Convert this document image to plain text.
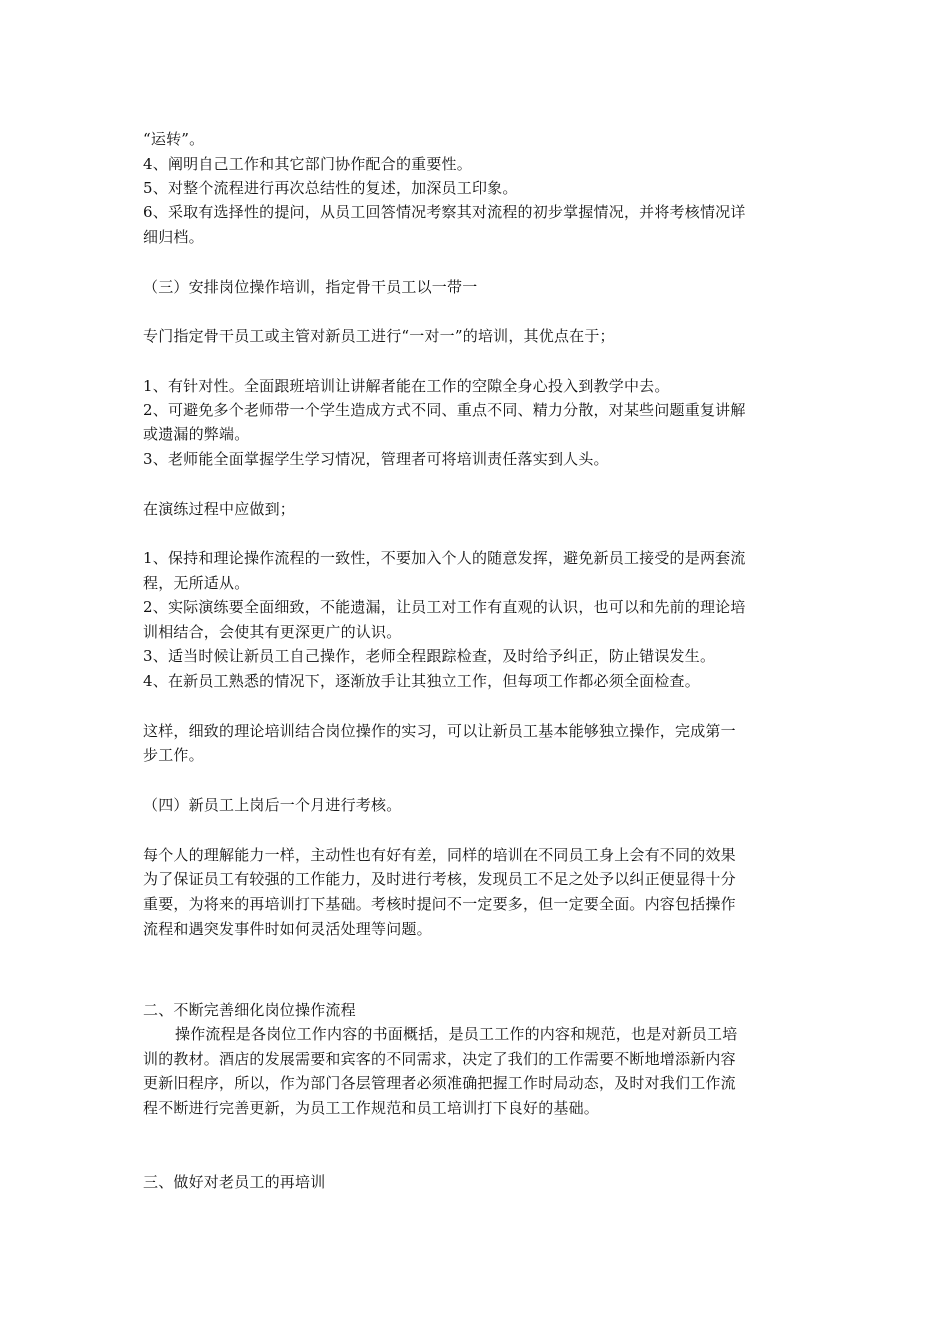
“运转”。
4、阐明自己工作和其它部门协作配合的重要性。
5、对整个流程进行再次总结性的复述，加深员工印象。
6、采取有选择性的提问，从员工回答情况考察其对流程的初步掌握情况，并将考核情况详
细归档。
（三）安排岗位操作培训，指定骨干员工以一带一
专门指定骨干员工或主管对新员工进行“一对一”的培训，其优点在于；
1、有针对性。全面跟班培训让讲解者能在工作的空隙全身心投入到教学中去。
2、可避免多个老师带一个学生造成方式不同、重点不同、精力分散，对某些问题重复讲解
或遗漏的弊端。
3、老师能全面掌握学生学习情况，管理者可将培训责任落实到人头。
在演练过程中应做到；
1、保持和理论操作流程的一致性，不要加入个人的随意发挥，避免新员工接受的是两套流
程，无所适从。
2、实际演练要全面细致，不能遗漏，让员工对工作有直观的认识，也可以和先前的理论培
训相结合，会使其有更深更广的认识。
3、适当时候让新员工自己操作，老师全程跟踪检查，及时给予纠正，防止错误发生。
4、在新员工熟悉的情况下，逐渐放手让其独立工作，但每项工作都必须全面检查。
这样，细致的理论培训结合岗位操作的实习，可以让新员工基本能够独立操作，完成第一
步工作。
（四）新员工上岗后一个月进行考核。
每个人的理解能力一样，主动性也有好有差，同样的培训在不同员工身上会有不同的效果
为了保证员工有较强的工作能力，及时进行考核，发现员工不足之处予以纠正便显得十分
重要，为将来的再培训打下基础。考核时提问不一定要多，但一定要全面。内容包括操作
流程和遇突发事件时如何灵活处理等问题。
二、不断完善细化岗位操作流程
操作流程是各岗位工作内容的书面概括，是员工工作的内容和规范，也是对新员工培
训的教材。酒店的发展需要和宾客的不同需求，决定了我们的工作需要不断地增添新内容
更新旧程序，所以，作为部门各层管理者必须准确把握工作时局动态，及时对我们工作流
程不断进行完善更新，为员工工作规范和员工培训打下良好的基础。
三、做好对老员工的再培训
